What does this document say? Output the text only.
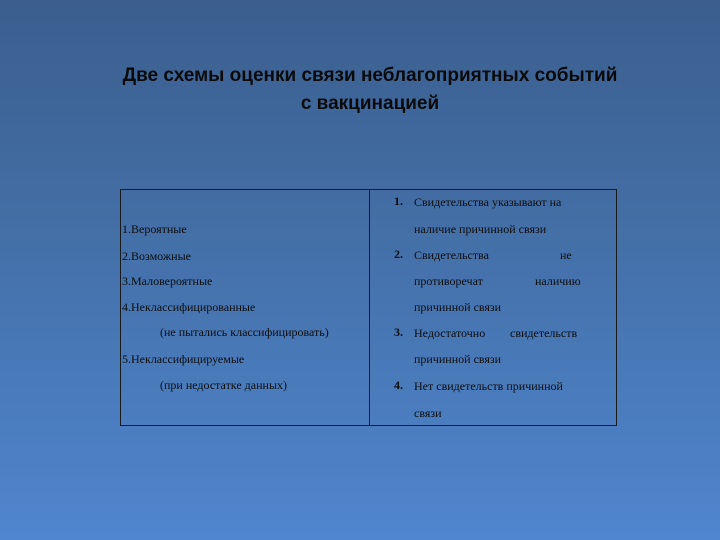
Две схемы оценки связи неблагоприятных событий
с вакцинацией
1.Вероятные
2.Возможные
3.Маловероятные
4.Неклассифицированные
(не пытались классифицировать)
5.Неклассифицируемые
(при недостатке данных)
1. Свидетельства указывают на
наличие причинной связи
2. Свидетельства	не
противоречат	наличию
причинной связи
3. Недостаточно свидетельств
причинной связи
4. Нет свидетельств причинной
связи
